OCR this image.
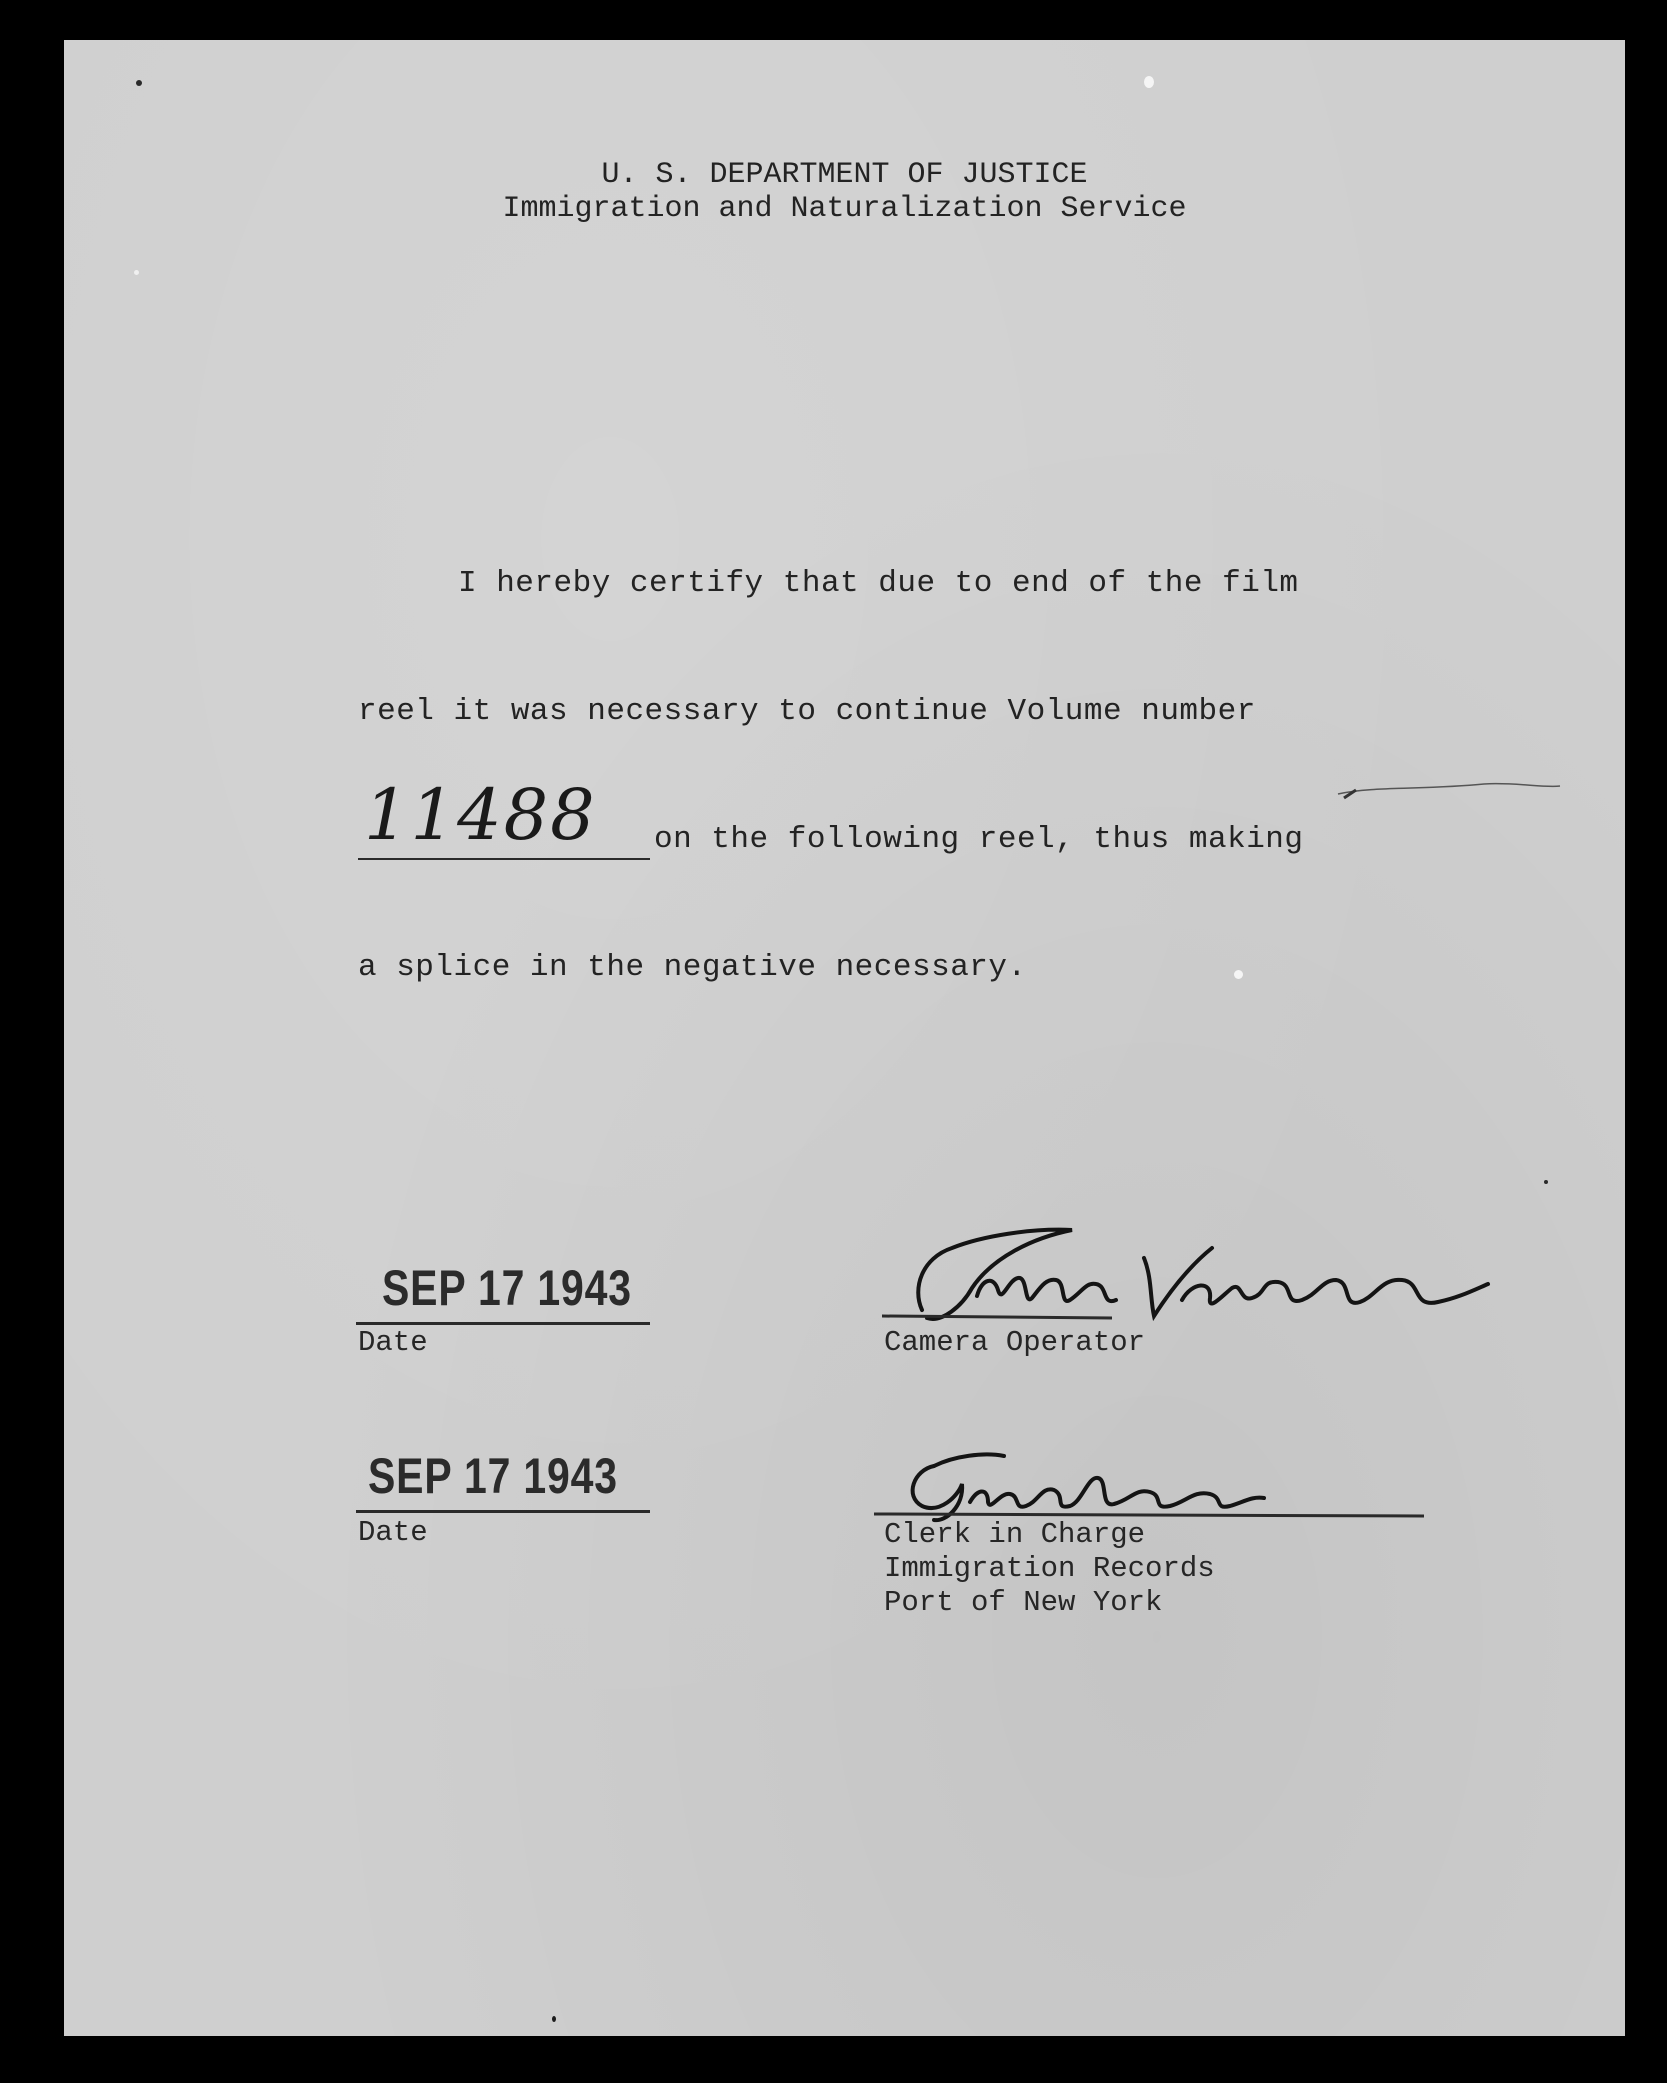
U. S. DEPARTMENT OF JUSTICE
Immigration and Naturalization Service
I hereby certify that due to end of the film
reel it was necessary to continue Volume number
11488 on the following reel, thus making
a splice in the negative necessary.
SEP 17 1943
Date	Camera Operator
SEP 17 1943
Date	Clerk in Charge
Immigration Records
Port of New York
